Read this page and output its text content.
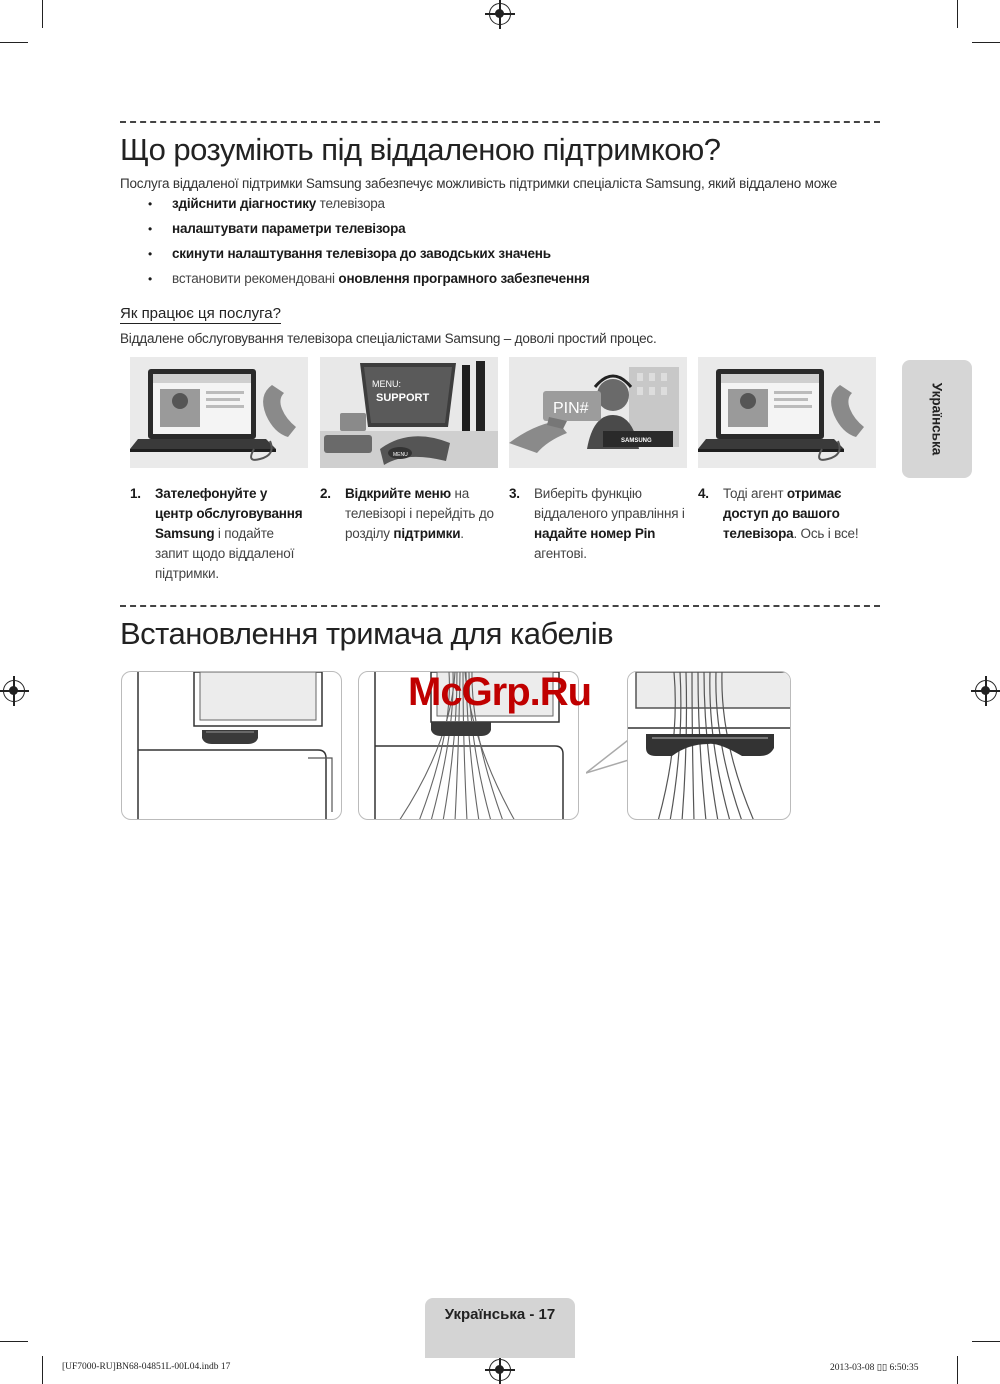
Що розуміють під віддаленою підтримкою?
Послуга віддаленої підтримки Samsung забезпечує можливість підтримки спеціаліста Samsung, який віддалено може
• здійснити діагностику телевізора
• налаштувати параметри телевізора
• скинути налаштування телевізора до заводських значень
• встановити рекомендовані оновлення програмного забезпечення
Як працює ця послуга?
Віддалене обслуговування телевізора спеціалістами Samsung – доволі простий процес.
MENU:
SUPPORT
MENU
PIN#
SAMSUNG
1. Зателефонуйте у центр обслуговування Samsung і подайте запит щодо віддаленої підтримки.
2. Відкрийте меню на телевізорі і перейдіть до розділу підтримки.
3. Виберіть функцію віддаленого управління і надайте номер Pin агентові.
4. Тоді агент отримає доступ до вашого телевізора. Ось і все!
Українська
Встановлення тримача для кабелів
McGrp.Ru
Українська - 17
[UF7000-RU]BN68-04851L-00L04.indb 17	2013-03-08 ▯▯ 6:50:35
